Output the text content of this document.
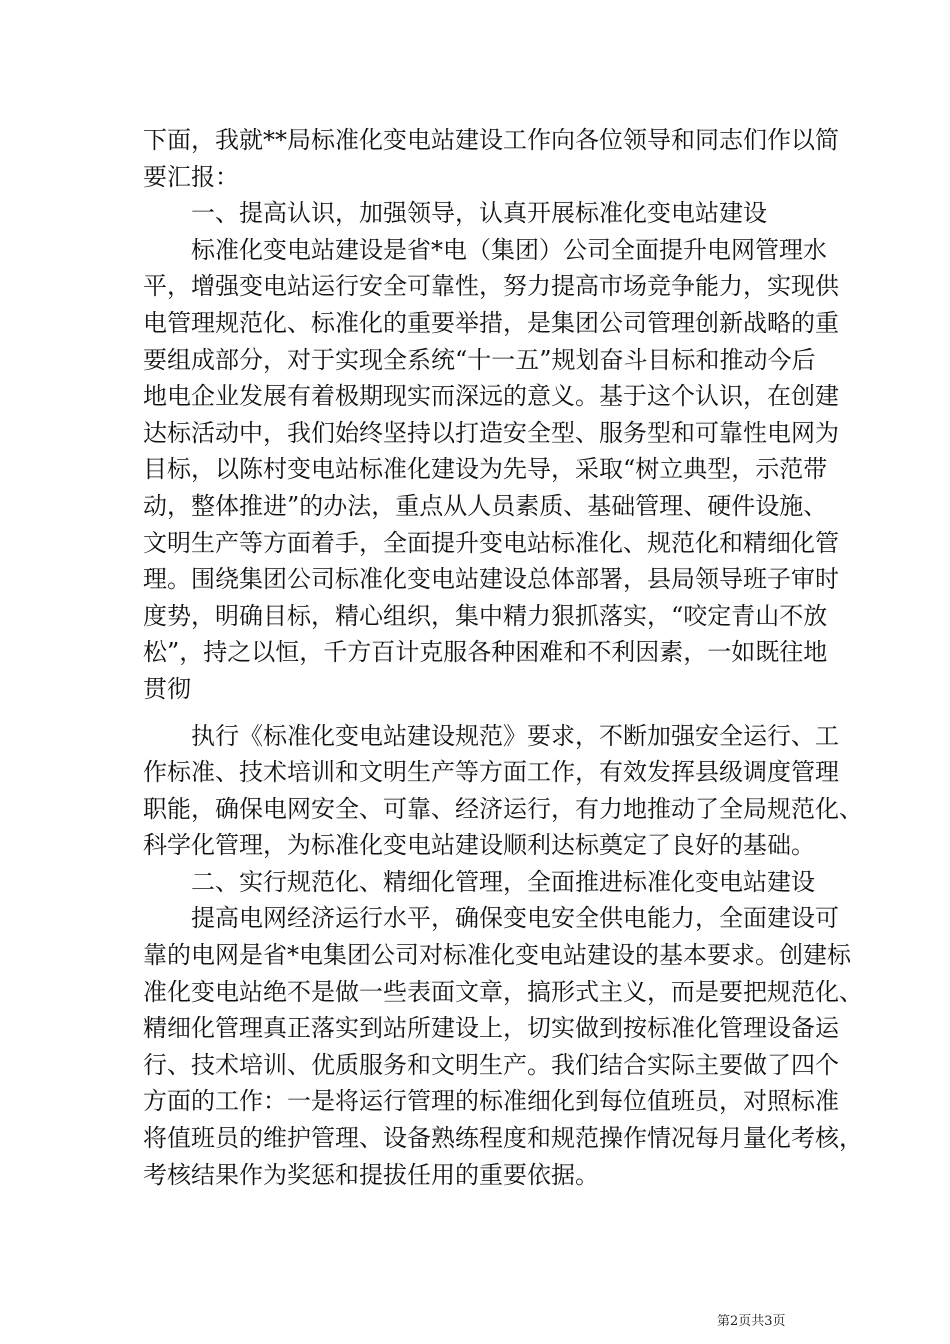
下面，我就**局标准化变电站建设工作向各位领导和同志们作以简
要汇报：
一、提高认识，加强领导，认真开展标准化变电站建设
标准化变电站建设是省*电（集团）公司全面提升电网管理水
平，增强变电站运行安全可靠性，努力提高市场竞争能力，实现供
电管理规范化、标准化的重要举措，是集团公司管理创新战略的重
要组成部分，对于实现全系统“十一五”规划奋斗目标和推动今后
地电企业发展有着极期现实而深远的意义。基于这个认识，在创建
达标活动中，我们始终坚持以打造安全型、服务型和可靠性电网为
目标，以陈村变电站标准化建设为先导，采取“树立典型，示范带
动，整体推进”的办法，重点从人员素质、基础管理、硬件设施、
文明生产等方面着手，全面提升变电站标准化、规范化和精细化管
理。围绕集团公司标准化变电站建设总体部署，县局领导班子审时
度势，明确目标，精心组织，集中精力狠抓落实，“咬定青山不放
松”，持之以恒，千方百计克服各种困难和不利因素，一如既往地
贯彻
执行《标准化变电站建设规范》要求，不断加强安全运行、工
作标准、技术培训和文明生产等方面工作，有效发挥县级调度管理
职能，确保电网安全、可靠、经济运行，有力地推动了全局规范化、
科学化管理，为标准化变电站建设顺利达标奠定了良好的基础。
二、实行规范化、精细化管理，全面推进标准化变电站建设
提高电网经济运行水平，确保变电安全供电能力，全面建设可
靠的电网是省*电集团公司对标准化变电站建设的基本要求。创建标
准化变电站绝不是做一些表面文章，搞形式主义，而是要把规范化、
精细化管理真正落实到站所建设上，切实做到按标准化管理设备运
行、技术培训、优质服务和文明生产。我们结合实际主要做了四个
方面的工作：一是将运行管理的标准细化到每位值班员，对照标准
将值班员的维护管理、设备熟练程度和规范操作情况每月量化考核，
考核结果作为奖惩和提拔任用的重要依据。
第2页共3页
